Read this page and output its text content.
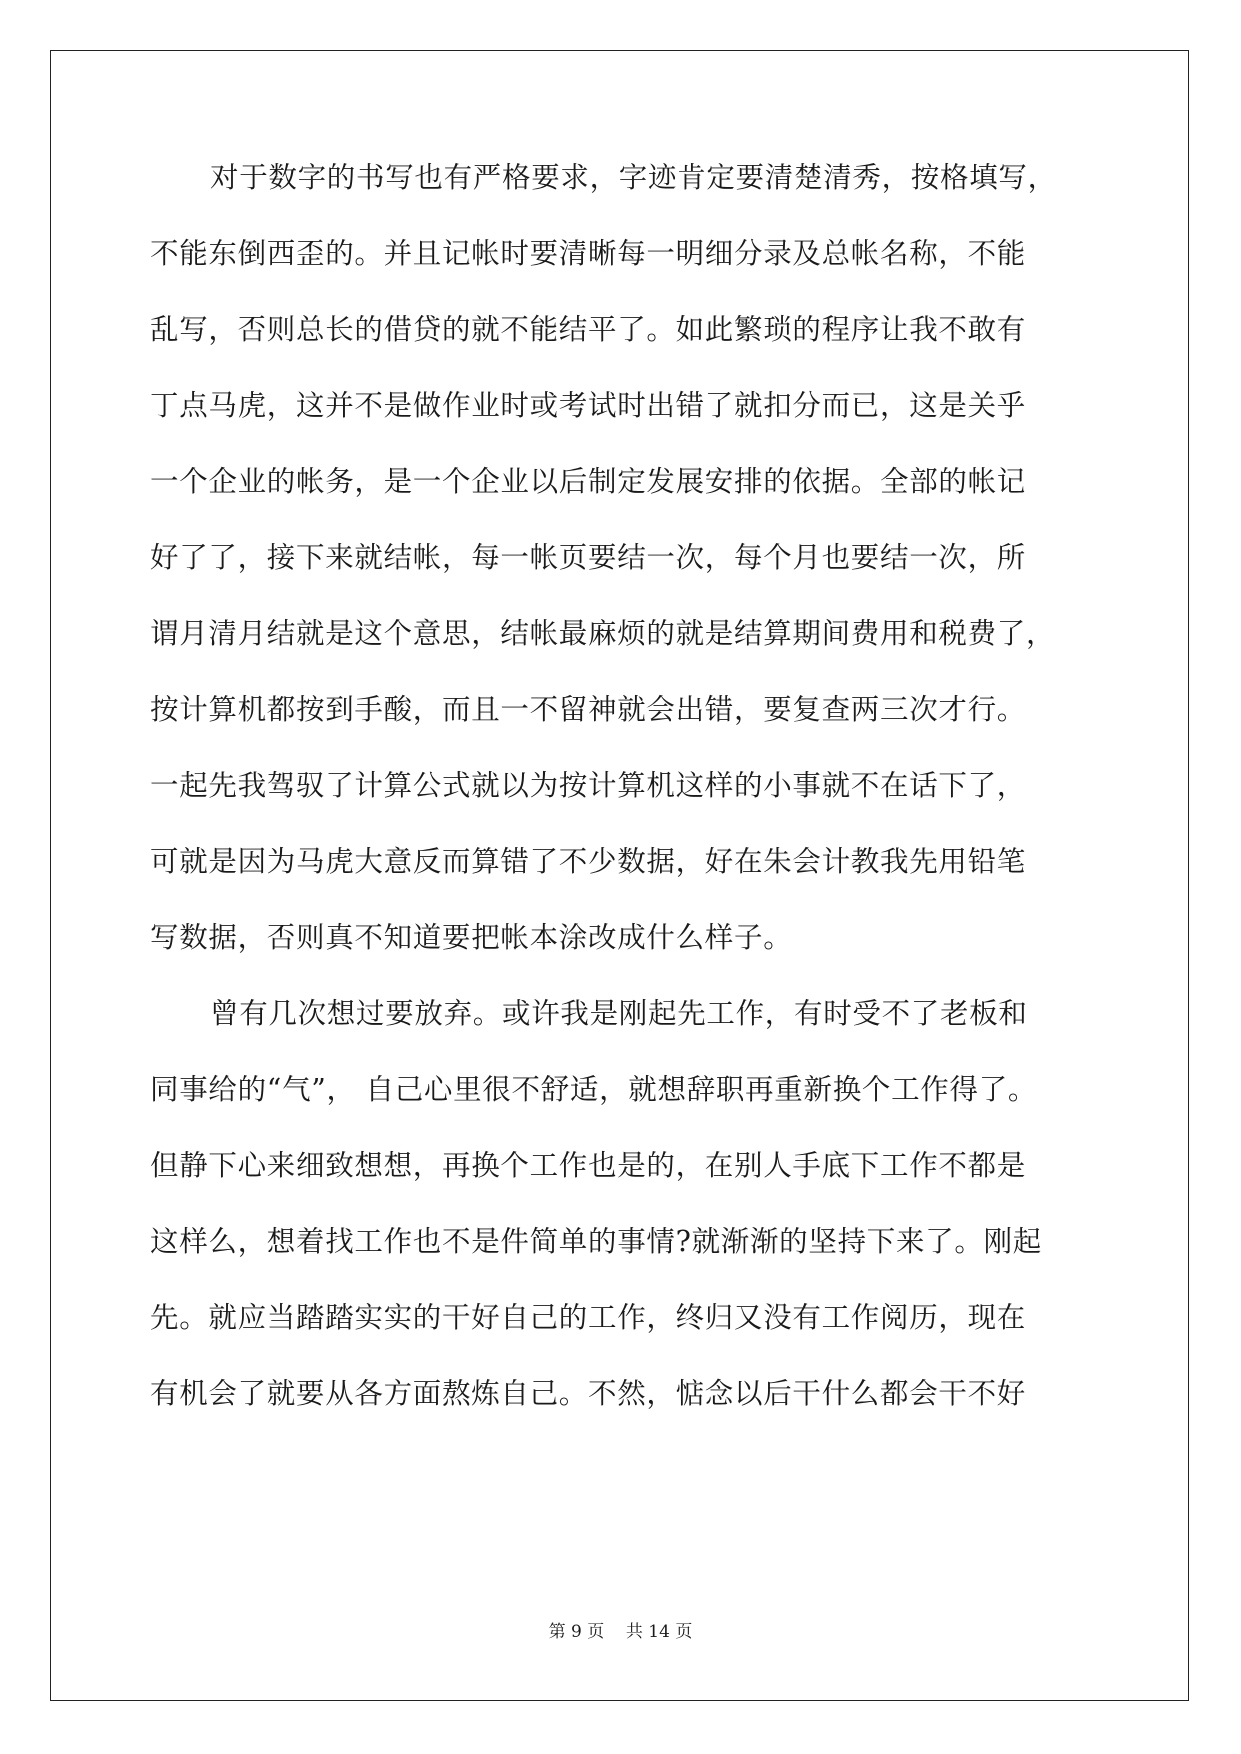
对于数字的书写也有严格要求，字迹肯定要清楚清秀，按格填写，
不能东倒西歪的。并且记帐时要清晰每一明细分录及总帐名称，不能
乱写，否则总长的借贷的就不能结平了。如此繁琐的程序让我不敢有
丁点马虎，这并不是做作业时或考试时出错了就扣分而已，这是关乎
一个企业的帐务，是一个企业以后制定发展安排的依据。全部的帐记
好了了，接下来就结帐，每一帐页要结一次，每个月也要结一次，所
谓月清月结就是这个意思，结帐最麻烦的就是结算期间费用和税费了，
按计算机都按到手酸，而且一不留神就会出错，要复查两三次才行。
一起先我驾驭了计算公式就以为按计算机这样的小事就不在话下了，
可就是因为马虎大意反而算错了不少数据，好在朱会计教我先用铅笔
写数据，否则真不知道要把帐本涂改成什么样子。
曾有几次想过要放弃。或许我是刚起先工作，有时受不了老板和
同事给的“气”， 自己心里很不舒适，就想辞职再重新换个工作得了。
但静下心来细致想想，再换个工作也是的，在别人手底下工作不都是
这样么，想着找工作也不是件简单的事情?就渐渐的坚持下来了。刚起
先。就应当踏踏实实的干好自己的工作，终归又没有工作阅历，现在
有机会了就要从各方面熬炼自己。不然，惦念以后干什么都会干不好
第 9 页 共 14 页
